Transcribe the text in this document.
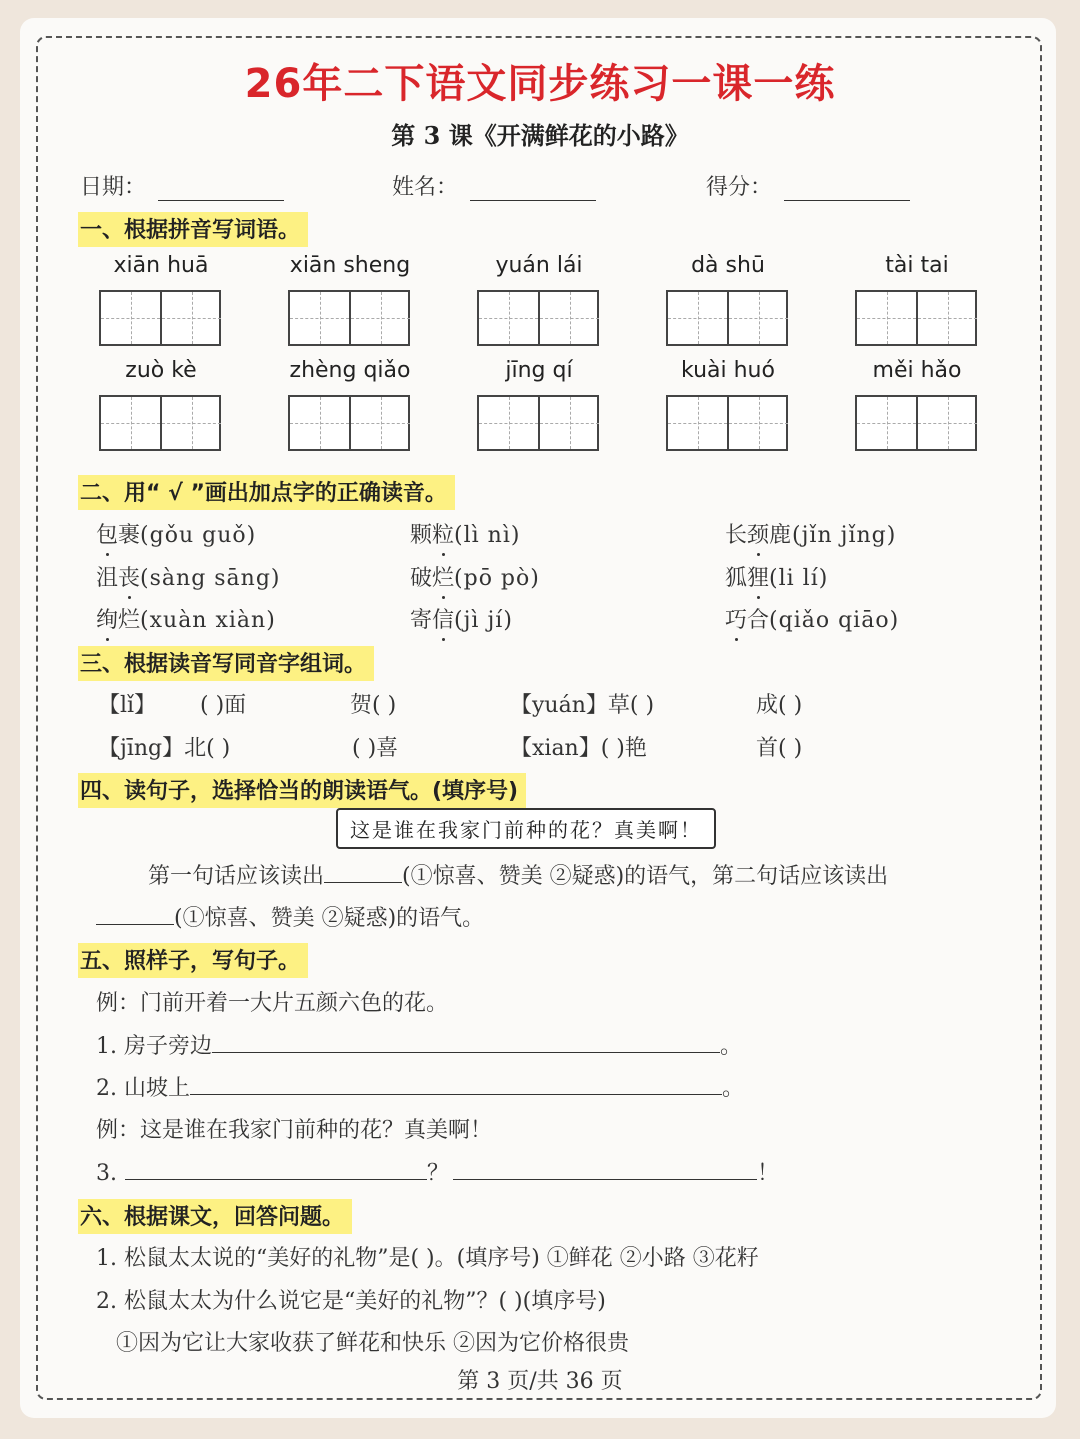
26年二下语文同步练习一课一练
第 3 课《开满鲜花的小路》
日期：	姓名：	得分：
一、根据拼音写词语。
xiān huā	xiān sheng	yuán lái	dà shū	tài tai
zuò kè	zhèng qiǎo	jīng qí	kuài huó	měi hǎo
二、用“ √ ”画出加点字的正确读音。
包裹(gǒu guǒ)	颗粒(lì nì)	长颈鹿(jǐn jǐng)
沮丧(sàng sāng)	破烂(pō pò)	狐狸(li lí)
绚烂(xuàn xiàn)	寄信(jì jí)	巧合(qiǎo qiāo)
三、根据读音写同音字组词。
【lǐ】 ( )面	贺( )	【yuán】草( )	成( )
【jīng】北( )	( )喜	【xian】( )艳	首( )
四、读句子，选择恰当的朗读语气。(填序号)
这是谁在我家门前种的花？真美啊！
第一句话应该读出	(①惊喜、赞美 ②疑惑)的语气，第二句话应该读出
(①惊喜、赞美 ②疑惑)的语气。
五、照样子，写句子。
例：门前开着一大片五颜六色的花。
1. 房子旁边	。
2. 山坡上	。
例：这是谁在我家门前种的花？真美啊！
3.	？	！
六、根据课文，回答问题。
1. 松鼠太太说的“美好的礼物”是( )。(填序号) ①鲜花 ②小路 ③花籽
2. 松鼠太太为什么说它是“美好的礼物”？( )(填序号)
①因为它让大家收获了鲜花和快乐 ②因为它价格很贵
第 3 页/共 36 页
